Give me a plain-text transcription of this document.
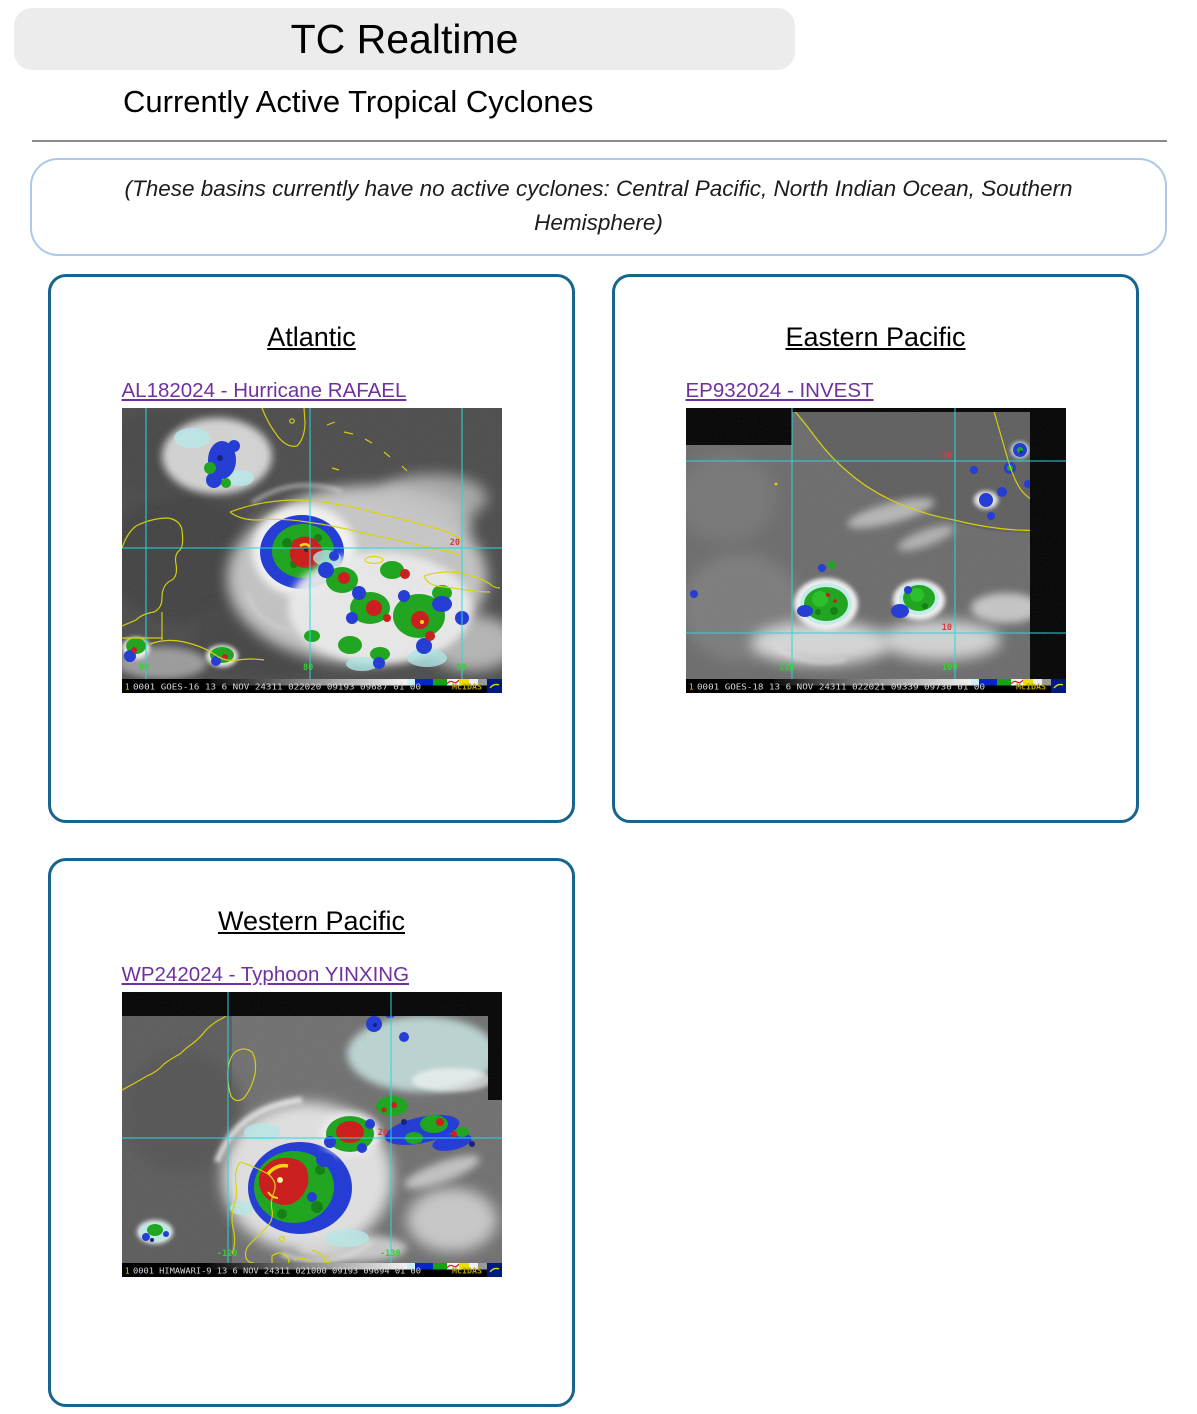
TC Realtime
Currently Active Tropical Cyclones
(These basins currently have no active cyclones: Central Pacific, North Indian Ocean, Southern Hemisphere)
Atlantic
AL182024 - Hurricane RAFAEL
90	80	70
20
1 0001 GOES-16 13 6 NOV 24311 022020 09193 09687 01 00	McIDAS
Eastern Pacific
EP932024 - INVEST
20
10
110	100
1 0001 GOES-18 13 6 NOV 24311 022021 09339 09730 01 00	McIDAS
Western Pacific
WP242024 - Typhoon YINXING
20
-120	-130
1 0001 HIMAWARI-9 13 6 NOV 24311 021000 09193 09694 01 00	McIDAS
